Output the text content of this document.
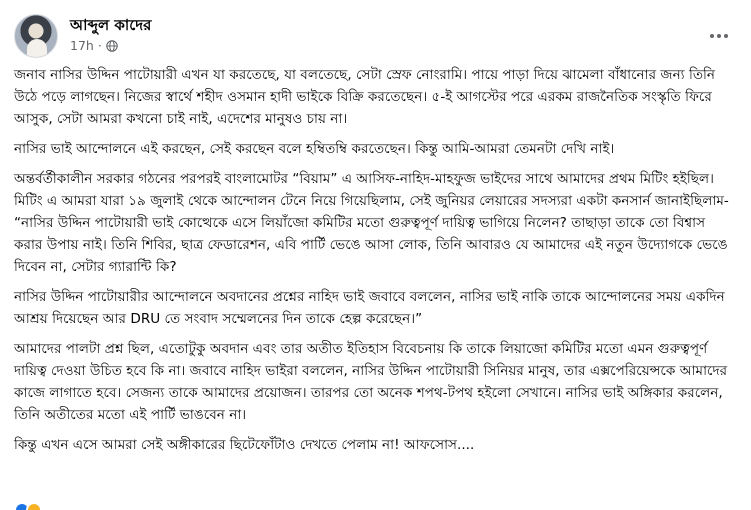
আব্দুল কাদের
17h ·

জনাব নাসির উদ্দিন পাটোয়ারী এখন যা করতেছে, যা বলতেছে, সেটা স্রেফ নোংরামি। পায়ে পাড়া দিয়ে ঝামেলা বাঁধানোর জন্য তিনি উঠে পড়ে লাগছেন। নিজের স্বার্থে শহীদ ওসমান হাদী ভাইকে বিক্রি করতেছেন। ৫-ই আগস্টের পরে এরকম রাজনৈতিক সংস্কৃতি ফিরে আসুক, সেটা আমরা কখনো চাই নাই, এদেশের মানুষও চায় না।

নাসির ভাই আন্দোলনে এই করছেন, সেই করছেন বলে হম্বিতম্বি করতেছেন। কিন্তু আমি-আমরা তেমনটা দেখি নাই।

অন্তর্বর্তীকালীন সরকার গঠনের পরপরই বাংলামোটর “বিয়াম” এ আসিফ-নাহিদ-মাহফুজ ভাইদের সাথে আমাদের প্রথম মিটিং হইছিল। মিটিং এ আমরা যারা ১৯ জুলাই থেকে আন্দোলন টেনে নিয়ে গিয়েছিলাম, সেই জুনিয়র লেয়ারের সদস্যরা একটা কনসার্ন জানাইছিলাম- “নাসির উদ্দিন পাটোয়ারী ভাই কোত্থেকে এসে লিয়াঁজো কমিটির মতো গুরুত্বপূর্ণ দায়িত্ব ভাগিয়ে নিলেন? তাছাড়া তাকে তো বিশ্বাস করার উপায় নাই। তিনি শিবির, ছাত্র ফেডারেশন, এবি পার্টি ভেঙে আসা লোক, তিনি আবারও যে আমাদের এই নতুন উদ্যোগকে ভেঙে দিবেন না, সেটার গ্যারান্টি কি?

নাসির উদ্দিন পাটোয়ারীর আন্দোলনে অবদানের প্রশ্নের নাহিদ ভাই জবাবে বললেন, নাসির ভাই নাকি তাকে আন্দোলনের সময় একদিন আশ্রয় দিয়েছেন আর DRU তে সংবাদ সম্মেলনের দিন তাকে হেল্প করেছেন।”

আমাদের পালটা প্রশ্ন ছিল, এতোটুকু অবদান এবং তার অতীত ইতিহাস বিবেচনায় কি তাকে লিয়াজো কমিটির মতো এমন গুরুত্বপূর্ণ দায়িত্ব দেওয়া উচিত হবে কি না। জবাবে নাহিদ ভাইরা বললেন, নাসির উদ্দিন পাটোয়ারী সিনিয়র মানুষ, তার এক্সপেরিয়েন্সকে আমাদের কাজে লাগাতে হবে। সেজন্য তাকে আমাদের প্রয়োজন। তারপর তো অনেক শপথ-টপথ হইলো সেখানে। নাসির ভাই অঙ্গিকার করলেন, তিনি অতীতের মতো এই পার্টি ভাঙবেন না।

কিন্তু এখন এসে আমরা সেই অঙ্গীকারের ছিটেফোঁটাও দেখতে পেলাম না! আফসোস....
